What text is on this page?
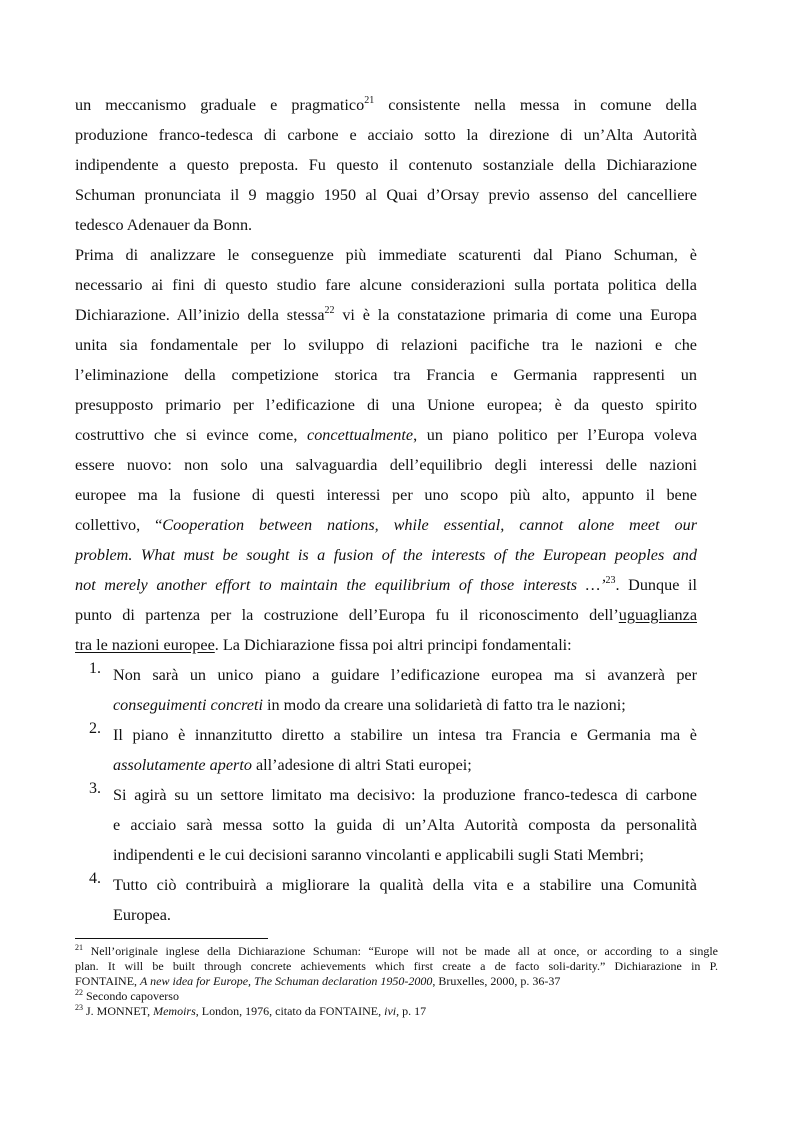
un meccanismo graduale e pragmatico$^{21}$ consistente nella messa in comune della
produzione franco-tedesca di carbone e acciaio sotto la direzione di un’Alta Autorità
indipendente a questo preposta. Fu questo il contenuto sostanziale della Dichiarazione
Schuman pronunciata il 9 maggio 1950 al Quai d’Orsay previo assenso del cancelliere
tedesco Adenauer da Bonn.
Prima di analizzare le conseguenze più immediate scaturenti dal Piano Schuman, è
necessario ai fini di questo studio fare alcune considerazioni sulla portata politica della
Dichiarazione. All’inizio della stessa$^{22}$ vi è la constatazione primaria di come una Europa
unita sia fondamentale per lo sviluppo di relazioni pacifiche tra le nazioni e che
l’eliminazione della competizione storica tra Francia e Germania rappresenti un
presupposto primario per l’edificazione di una Unione europea; è da questo spirito
costruttivo che si evince come, concettualmente, un piano politico per l’Europa voleva
essere nuovo: non solo una salvaguardia dell’equilibrio degli interessi delle nazioni
europee ma la fusione di questi interessi per uno scopo più alto, appunto il bene
collettivo, “Cooperation between nations, while essential, cannot alone meet our
problem. What must be sought is a fusion of the interests of the European peoples and
not merely another effort to maintain the equilibrium of those interests …’$^{23}$. Dunque il
punto di partenza per la costruzione dell’Europa fu il riconoscimento dell’uguaglianza
tra le nazioni europee. La Dichiarazione fissa poi altri principi fondamentali:
1. Non sarà un unico piano a guidare l’edificazione europea ma si avanzerà per
conseguimenti concreti in modo da creare una solidarietà di fatto tra le nazioni;
2. Il piano è innanzitutto diretto a stabilire un intesa tra Francia e Germania ma è
assolutamente aperto all’adesione di altri Stati europei;
3. Si agirà su un settore limitato ma decisivo: la produzione franco-tedesca di carbone
e acciaio sarà messa sotto la guida di un’Alta Autorità composta da personalità
indipendenti e le cui decisioni saranno vincolanti e applicabili sugli Stati Membri;
4. Tutto ciò contribuirà a migliorare la qualità della vita e a stabilire una Comunità
Europea.
$^{21}$ Nell’originale inglese della Dichiarazione Schuman: “Europe will not be made all at once, or according to a single
plan. It will be built through concrete achievements which first create a de facto soli-darity.” Dichiarazione in P.
FONTAINE, A new idea for Europe, The Schuman declaration 1950-2000, Bruxelles, 2000, p. 36-37
$^{22}$ Secondo capoverso
$^{23}$ J. MONNET, Memoirs, London, 1976, citato da FONTAINE, ivi, p. 17
